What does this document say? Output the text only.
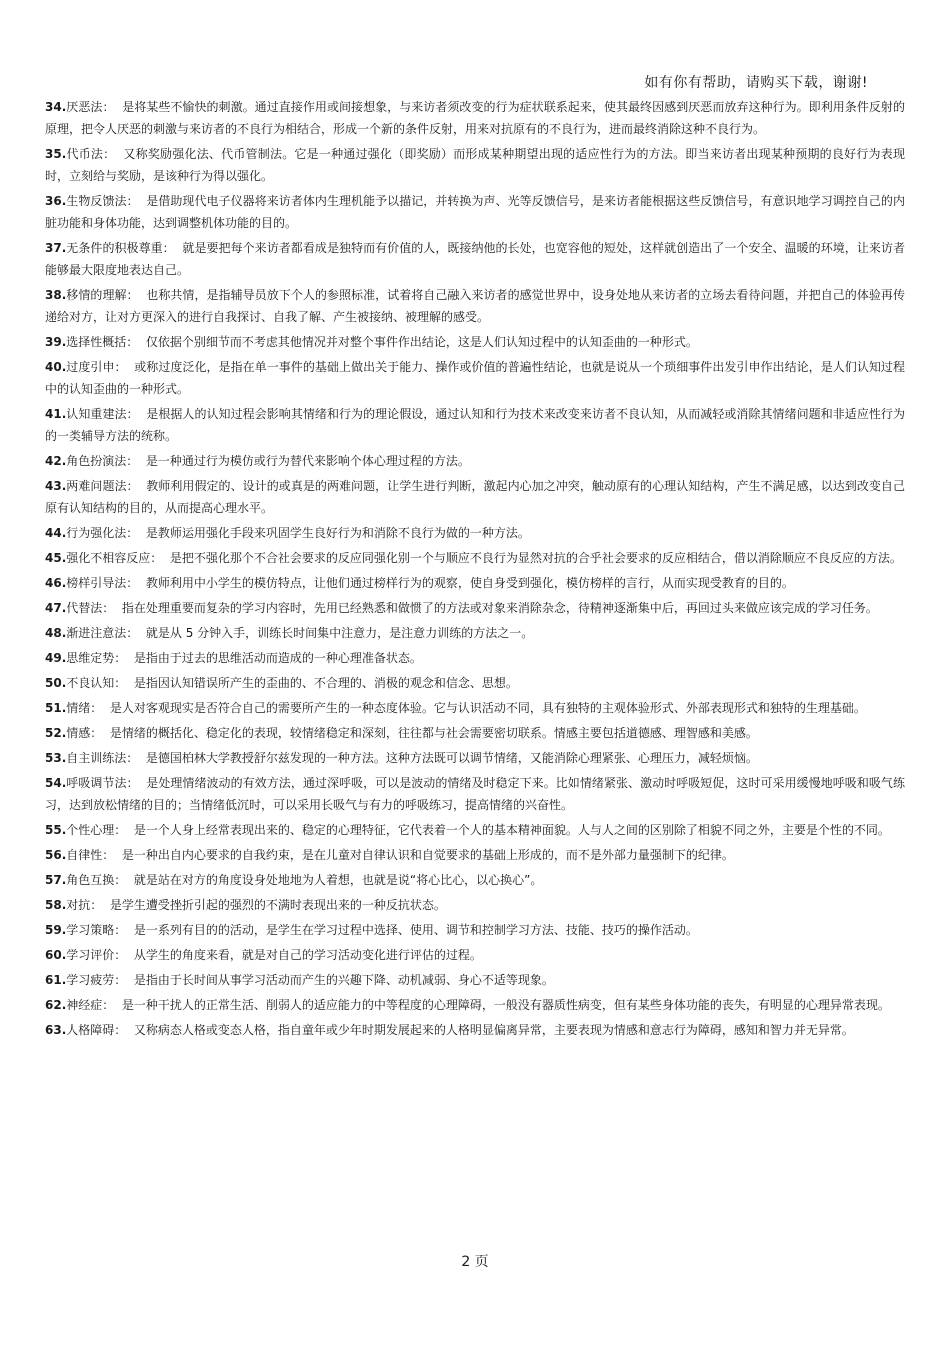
如有你有帮助，请购买下载，谢谢!
34.厌恶法： 是将某些不愉快的刺激。通过直接作用或间接想象，与来访者须改变的行为症状联系起来，使其最终因感到厌恶而放弃这种行为。即利用条件反射的原理，把令人厌恶的刺激与来访者的不良行为相结合，形成一个新的条件反射，用来对抗原有的不良行为，进而最终消除这种不良行为。
35.代币法： 又称奖励强化法、代币管制法。它是一种通过强化（即奖励）而形成某种期望出现的适应性行为的方法。即当来访者出现某种预期的良好行为表现时，立刻给与奖励，是该种行为得以强化。
36.生物反馈法： 是借助现代电子仪器将来访者体内生理机能予以描记，并转换为声、光等反馈信号，是来访者能根据这些反馈信号，有意识地学习调控自己的内脏功能和身体功能，达到调整机体功能的目的。
37.无条件的积极尊重： 就是要把每个来访者都看成是独特而有价值的人，既接纳他的长处，也宽容他的短处，这样就创造出了一个安全、温暖的环境，让来访者能够最大限度地表达自己。
38.移情的理解： 也称共情，是指辅导员放下个人的参照标准，试着将自己融入来访者的感觉世界中，设身处地从来访者的立场去看待问题，并把自己的体验再传递给对方，让对方更深入的进行自我探讨、自我了解、产生被接纳、被理解的感受。
39.选择性概括： 仅依据个别细节而不考虑其他情况并对整个事件作出结论，这是人们认知过程中的认知歪曲的一种形式。
40.过度引申： 或称过度泛化，是指在单一事件的基础上做出关于能力、操作或价值的普遍性结论，也就是说从一个琐细事件出发引申作出结论，是人们认知过程中的认知歪曲的一种形式。
41.认知重建法： 是根据人的认知过程会影响其情绪和行为的理论假设，通过认知和行为技术来改变来访者不良认知，从而减轻或消除其情绪问题和非适应性行为的一类辅导方法的统称。
42.角色扮演法： 是一种通过行为模仿或行为替代来影响个体心理过程的方法。
43.两难问题法： 教师利用假定的、设计的或真是的两难问题，让学生进行判断，激起内心加之冲突，触动原有的心理认知结构，产生不满足感，以达到改变自己原有认知结构的目的，从而提高心理水平。
44.行为强化法： 是教师运用强化手段来巩固学生良好行为和消除不良行为做的一种方法。
45.强化不相容反应： 是把不强化那个不合社会要求的反应同强化别一个与顺应不良行为显然对抗的合乎社会要求的反应相结合，借以消除顺应不良反应的方法。
46.榜样引导法： 教师利用中小学生的模仿特点，让他们通过榜样行为的观察，使自身受到强化，模仿榜样的言行，从而实现受教育的目的。
47.代替法： 指在处理重要而复杂的学习内容时，先用已经熟悉和做惯了的方法或对象来消除杂念，待精神逐渐集中后，再回过头来做应该完成的学习任务。
48.渐进注意法： 就是从 5 分钟入手，训练长时间集中注意力，是注意力训练的方法之一。
49.思维定势： 是指由于过去的思维活动而造成的一种心理准备状态。
50.不良认知： 是指因认知错误所产生的歪曲的、不合理的、消极的观念和信念、思想。
51.情绪： 是人对客观现实是否符合自己的需要所产生的一种态度体验。它与认识活动不同，具有独特的主观体验形式、外部表现形式和独特的生理基础。
52.情感： 是情绪的概括化、稳定化的表现，较情绪稳定和深刻，往往都与社会需要密切联系。情感主要包括道德感、理智感和美感。
53.自主训练法： 是德国柏林大学教授舒尔兹发现的一种方法。这种方法既可以调节情绪，又能消除心理紧张、心理压力，减轻烦恼。
54.呼吸调节法： 是处理情绪波动的有效方法，通过深呼吸，可以是波动的情绪及时稳定下来。比如情绪紧张、激动时呼吸短促，这时可采用缓慢地呼吸和吸气练习，达到放松情绪的目的；当情绪低沉时，可以采用长吸气与有力的呼吸练习，提高情绪的兴奋性。
55.个性心理： 是一个人身上经常表现出来的、稳定的心理特征，它代表着一个人的基本精神面貌。人与人之间的区别除了相貌不同之外，主要是个性的不同。
56.自律性： 是一种出自内心要求的自我约束，是在儿童对自律认识和自觉要求的基础上形成的，而不是外部力量强制下的纪律。
57.角色互换： 就是站在对方的角度设身处地地为人着想，也就是说“将心比心，以心换心”。
58.对抗： 是学生遭受挫折引起的强烈的不满时表现出来的一种反抗状态。
59.学习策略： 是一系列有目的的活动，是学生在学习过程中选择、使用、调节和控制学习方法、技能、技巧的操作活动。
60.学习评价： 从学生的角度来看，就是对自己的学习活动变化进行评估的过程。
61.学习疲劳： 是指由于长时间从事学习活动而产生的兴趣下降、动机减弱、身心不适等现象。
62.神经症： 是一种干扰人的正常生活、削弱人的适应能力的中等程度的心理障碍，一般没有器质性病变，但有某些身体功能的丧失，有明显的心理异常表现。
63.人格障碍： 又称病态人格或变态人格，指自童年或少年时期发展起来的人格明显偏离异常，主要表现为情感和意志行为障碍，感知和智力并无异常。
2 页
